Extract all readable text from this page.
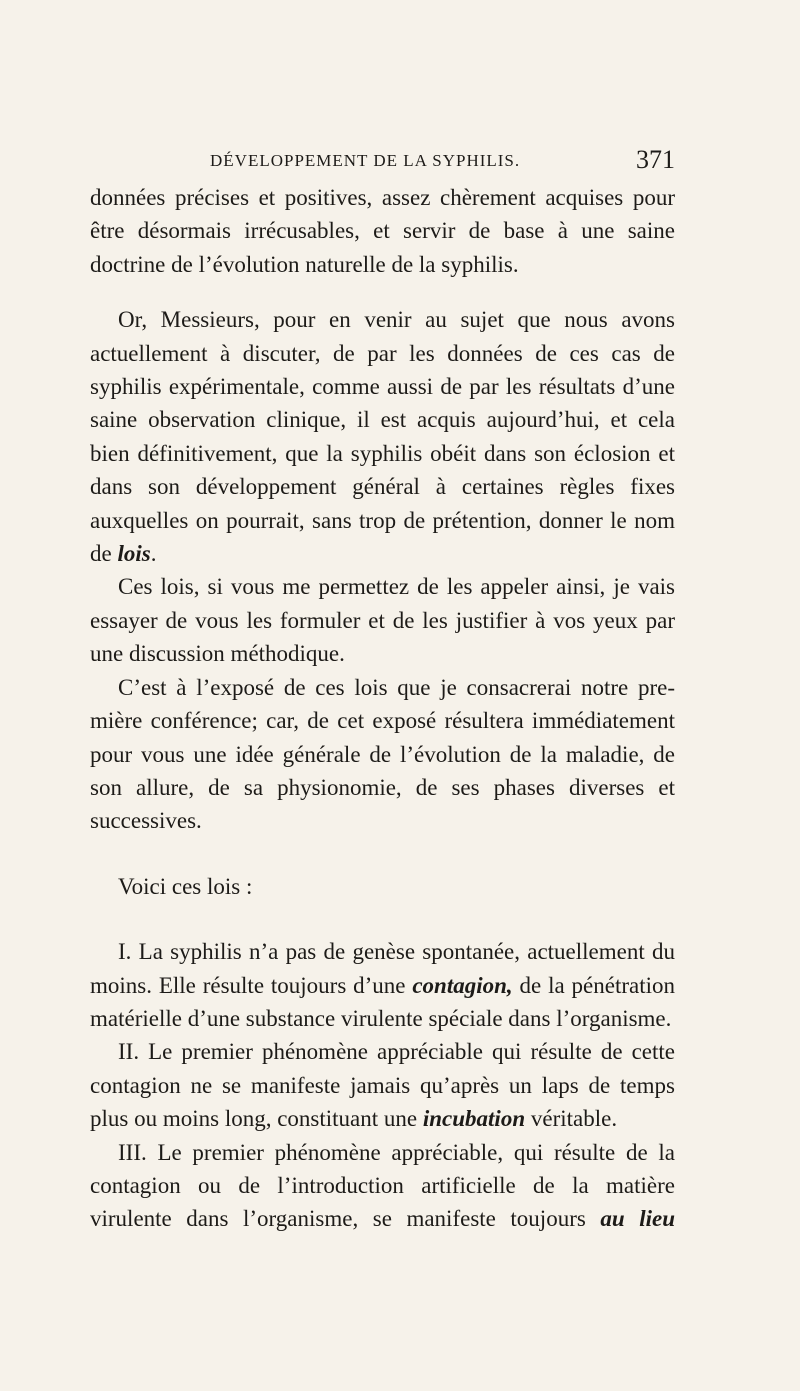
DÉVELOPPEMENT DE LA SYPHILIS.	371

données précises et positives, assez chèrement acquises pour être désormais irrécusables, et servir de base à une saine doctrine de l’évolution naturelle de la syphilis.

Or, Messieurs, pour en venir au sujet que nous avons actuellement à discuter, de par les données de ces cas de syphilis expérimentale, comme aussi de par les résultats d’une saine observation clinique, il est acquis aujourd’hui, et cela bien définitivement, que la syphilis obéit dans son éclosion et dans son développement général à certaines règles fixes auxquelles on pourrait, sans trop de prétention, donner le nom de lois.

Ces lois, si vous me permettez de les appeler ainsi, je vais essayer de vous les formuler et de les justifier à vos yeux par une discussion méthodique.

C’est à l’exposé de ces lois que je consacrerai notre première conférence; car, de cet exposé résultera immédiatement pour vous une idée générale de l’évolution de la maladie, de son allure, de sa physionomie, de ses phases diverses et successives.

Voici ces lois :

I. La syphilis n’a pas de genèse spontanée, actuellement du moins. Elle résulte toujours d’une contagion, de la pénétration matérielle d’une substance virulente spéciale dans l’organisme.

II. Le premier phénomène appréciable qui résulte de cette contagion ne se manifeste jamais qu’après un laps de temps plus ou moins long, constituant une incubation véritable.

III. Le premier phénomène appréciable, qui résulte de la contagion ou de l’introduction artificielle de la matière virulente dans l’organisme, se manifeste toujours au lieu
